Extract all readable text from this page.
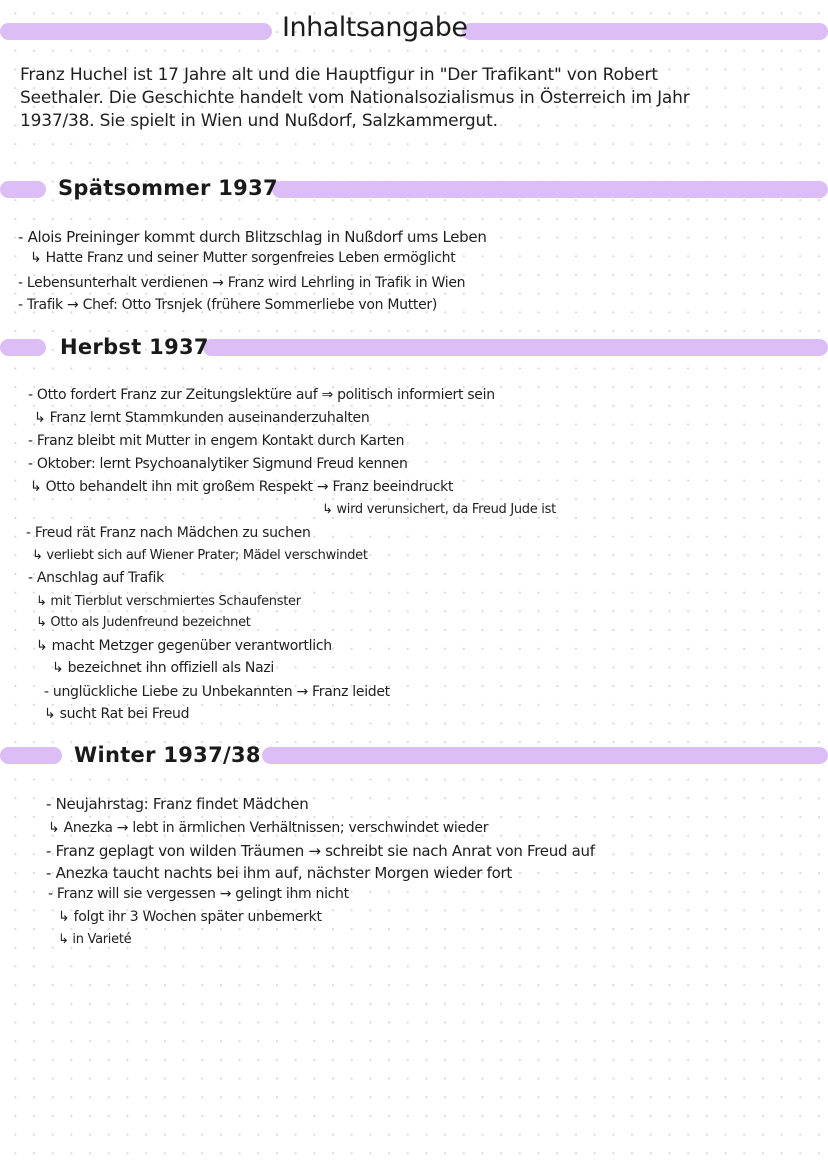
Inhaltsangabe
Franz Huchel ist 17 Jahre alt und die Hauptfigur in "Der Trafikant" von Robert Seethaler. Die Geschichte handelt vom Nationalsozialismus in Österreich im Jahr 1937/38. Sie spielt in Wien und Nußdorf, Salzkammergut.
Spätsommer 1937
- Alois Preininger kommt durch Blitzschlag in Nußdorf ums Leben
↳ Hatte Franz und seiner Mutter sorgenfreies Leben ermöglicht
- Lebensunterhalt verdienen → Franz wird Lehrling in Trafik in Wien
- Trafik → Chef: Otto Trsnjek (frühere Sommerliebe von Mutter)
Herbst 1937
- Otto fordert Franz zur Zeitungslektüre auf ⇒ politisch informiert sein
↳ Franz lernt Stammkunden auseinanderzuhalten
- Franz bleibt mit Mutter in engem Kontakt durch Karten
- Oktober: lernt Psychoanalytiker Sigmund Freud kennen
↳ Otto behandelt ihn mit großem Respekt → Franz beeindruckt
↳ wird verunsichert, da Freud Jude ist
- Freud rät Franz nach Mädchen zu suchen
↳ verliebt sich auf Wiener Prater; Mädel verschwindet
- Anschlag auf Trafik
↳ mit Tierblut verschmiertes Schaufenster
↳ Otto als Judenfreund bezeichnet
↳ macht Metzger gegenüber verantwortlich
↳ bezeichnet ihn offiziell als Nazi
- unglückliche Liebe zu Unbekannten → Franz leidet
↳ sucht Rat bei Freud
Winter 1937/38
- Neujahrstag: Franz findet Mädchen
↳ Anezka → lebt in ärmlichen Verhältnissen; verschwindet wieder
- Franz geplagt von wilden Träumen → schreibt sie nach Anrat von Freud auf
- Anezka taucht nachts bei ihm auf, nächster Morgen wieder fort
- Franz will sie vergessen → gelingt ihm nicht
↳ folgt ihr 3 Wochen später unbemerkt
↳ in Varieté
